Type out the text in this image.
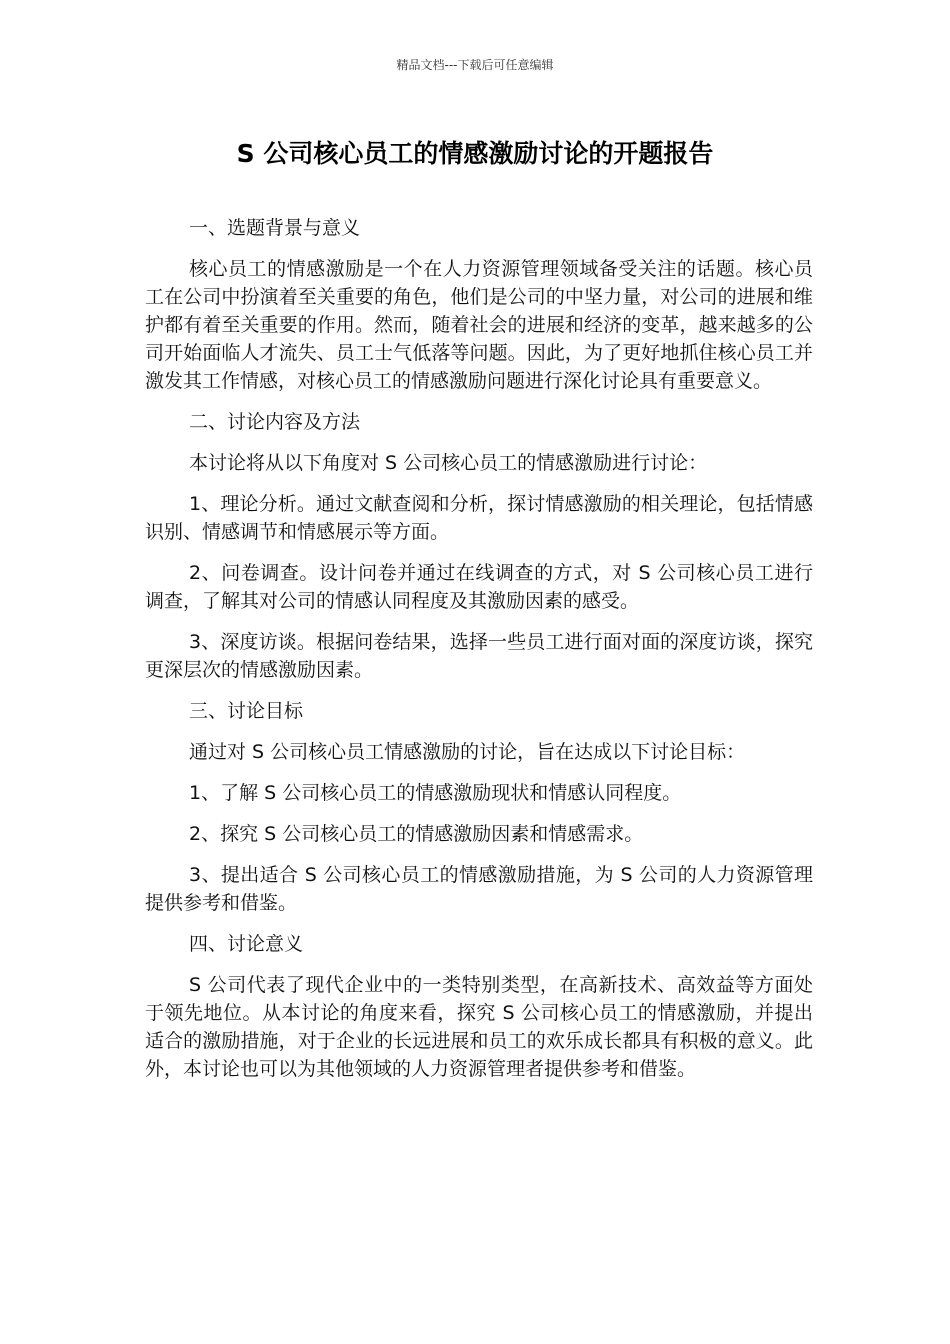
精品文档---下载后可任意编辑
S 公司核心员工的情感激励讨论的开题报告

一、选题背景与意义

核心员工的情感激励是一个在人力资源管理领域备受关注的话题。核心员工在公司中扮演着至关重要的角色，他们是公司的中坚力量，对公司的进展和维护都有着至关重要的作用。然而，随着社会的进展和经济的变革，越来越多的公司开始面临人才流失、员工士气低落等问题。因此，为了更好地抓住核心员工并激发其工作情感，对核心员工的情感激励问题进行深化讨论具有重要意义。

二、讨论内容及方法

本讨论将从以下角度对 S 公司核心员工的情感激励进行讨论：

1、理论分析。通过文献查阅和分析，探讨情感激励的相关理论，包括情感识别、情感调节和情感展示等方面。

2、问卷调查。设计问卷并通过在线调查的方式，对 S 公司核心员工进行调查，了解其对公司的情感认同程度及其激励因素的感受。

3、深度访谈。根据问卷结果，选择一些员工进行面对面的深度访谈，探究更深层次的情感激励因素。

三、讨论目标

通过对 S 公司核心员工情感激励的讨论，旨在达成以下讨论目标：

1、了解 S 公司核心员工的情感激励现状和情感认同程度。

2、探究 S 公司核心员工的情感激励因素和情感需求。

3、提出适合 S 公司核心员工的情感激励措施，为 S 公司的人力资源管理提供参考和借鉴。

四、讨论意义

S 公司代表了现代企业中的一类特别类型，在高新技术、高效益等方面处于领先地位。从本讨论的角度来看，探究 S 公司核心员工的情感激励，并提出适合的激励措施，对于企业的长远进展和员工的欢乐成长都具有积极的意义。此外，本讨论也可以为其他领域的人力资源管理者提供参考和借鉴。
